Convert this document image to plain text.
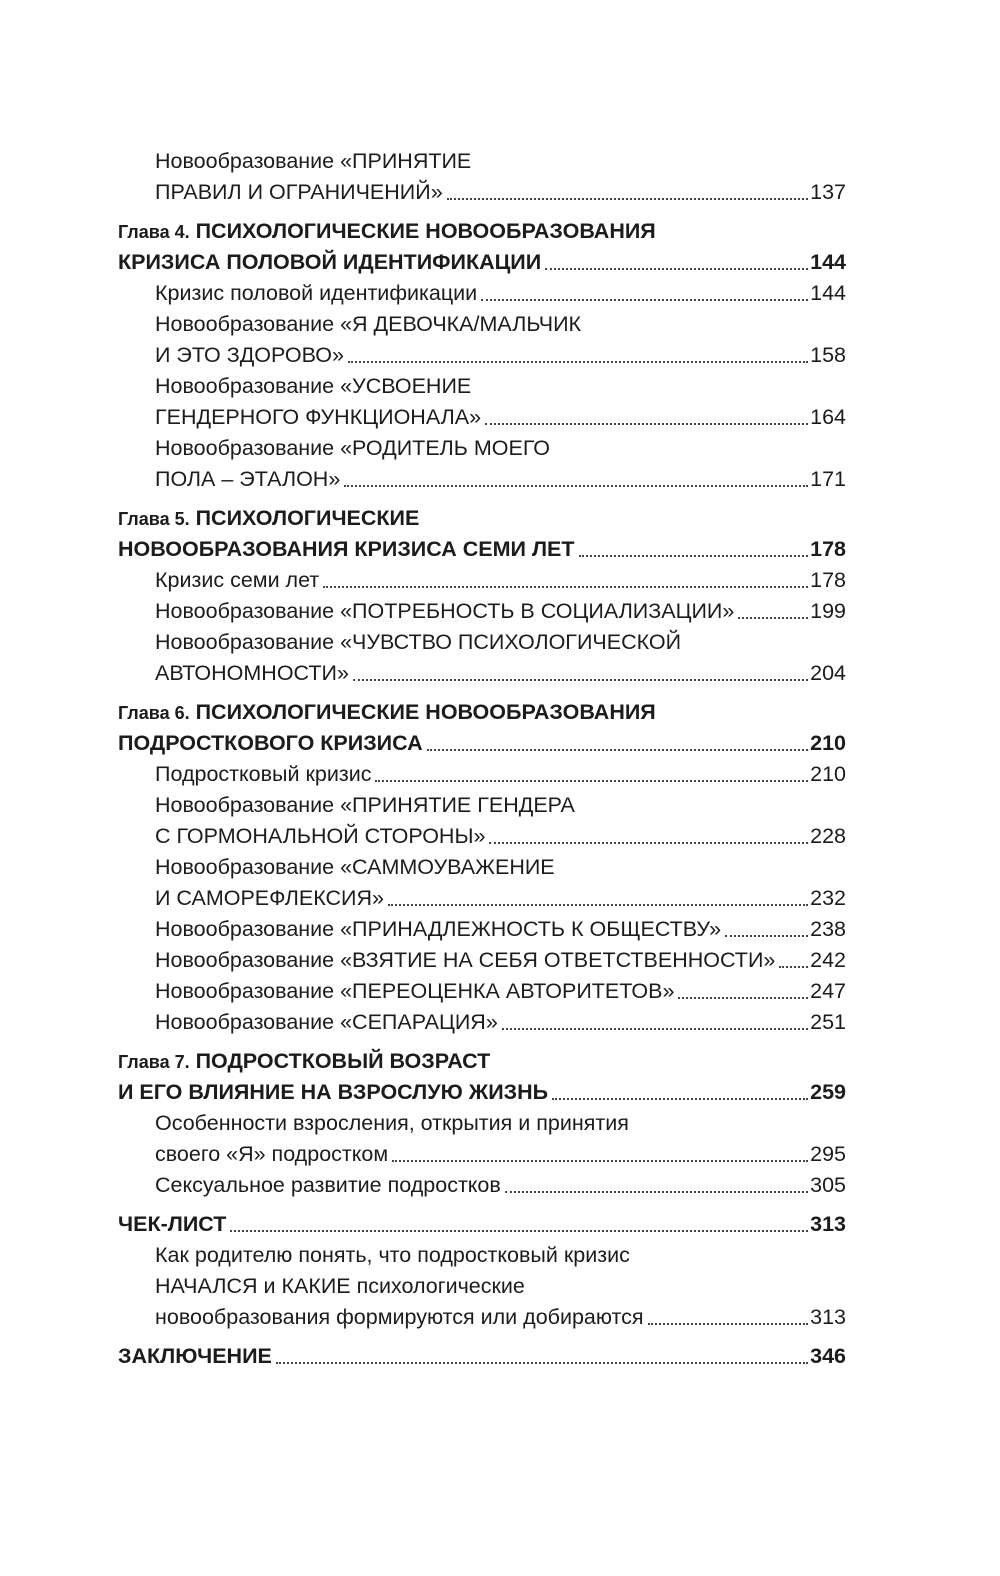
Новообразование «ПРИНЯТИЕ
ПРАВИЛ И ОГРАНИЧЕНИЙ»	137
Глава 4.
ПСИХОЛОГИЧЕСКИЕ НОВООБРАЗОВАНИЯ
КРИЗИСА ПОЛОВОЙ ИДЕНТИФИКАЦИИ	144
Кризис половой идентификации	144
Новообразование «Я ДЕВОЧКА/МАЛЬЧИК
И ЭТО ЗДОРОВО»	158
Новообразование «УСВОЕНИЕ
ГЕНДЕРНОГО ФУНКЦИОНАЛА»	164
Новообразование «РОДИТЕЛЬ МОЕГО
ПОЛА – ЭТАЛОН»	171
Глава 5.
ПСИХОЛОГИЧЕСКИЕ
НОВООБРАЗОВАНИЯ КРИЗИСА СЕМИ ЛЕТ	178
Кризис семи лет	178
Новообразование «ПОТРЕБНОСТЬ В СОЦИАЛИЗАЦИИ»	199
Новообразование «ЧУВСТВО ПСИХОЛОГИЧЕСКОЙ
АВТОНОМНОСТИ»	204
Глава 6.
ПСИХОЛОГИЧЕСКИЕ НОВООБРАЗОВАНИЯ
ПОДРОСТКОВОГО КРИЗИСА	210
Подростковый кризис	210
Новообразование «ПРИНЯТИЕ ГЕНДЕРА
С ГОРМОНАЛЬНОЙ СТОРОНЫ»	228
Новообразование «САММОУВАЖЕНИЕ
И САМОРЕФЛЕКСИЯ»	232
Новообразование «ПРИНАДЛЕЖНОСТЬ К ОБЩЕСТВУ»	238
Новообразование «ВЗЯТИЕ НА СЕБЯ ОТВЕТСТВЕННОСТИ» 242
Новообразование «ПЕРЕОЦЕНКА АВТОРИТЕТОВ»	247
Новообразование «СЕПАРАЦИЯ»	251
Глава 7.
ПОДРОСТКОВЫЙ ВОЗРАСТ
И ЕГО ВЛИЯНИЕ НА ВЗРОСЛУЮ ЖИЗНЬ	259
Особенности взросления, открытия и принятия
своего «Я» подростком	295
Сексуальное развитие подростков	305
ЧЕК-ЛИСТ	313
Как родителю понять, что подростковый кризис
НАЧАЛСЯ и КАКИЕ психологические
новообразования формируются или добираются	313
ЗАКЛЮЧЕНИЕ	346
